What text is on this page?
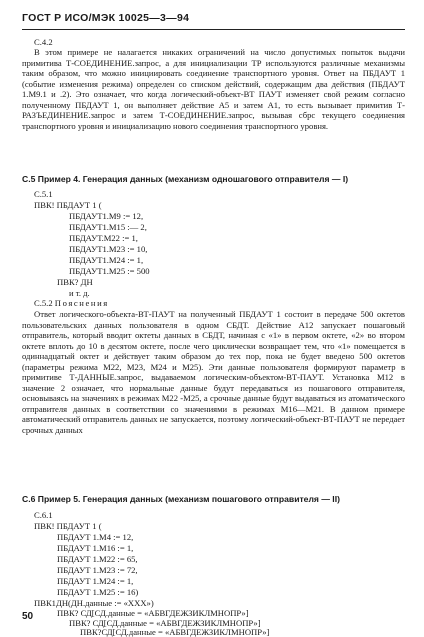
ГОСТ Р ИСО/МЭК 10025—3—94
C.4.2
В этом примере не налагается никаких ограничений на число допустимых попыток выдачи примитива Т-СОЕДИНЕНИЕ.запрос, а для инициализации ТР используются различные механизмы таким образом, что можно инициировать соединение транспортного уровня. Ответ на ПБДАУТ 1 (событие изменения режима) определен со списком действий, содержащим два действия (ПБДАУТ 1.М9.1 и .2). Это означает, что когда логический-объект-ВТ ПАУТ изменяет свой режим согласно полученному ПБДАУТ 1, он выполняет действие А5 и затем А1, то есть вызывает примитив Т-РАЗЪЕДИНЕНИЕ.запрос и затем Т-СОЕДИНЕНИЕ.запрос, вызывая сбрс текущего соединения транспортного уровня и инициализацию нового соединения транспортного уровня.
С.5 Пример 4. Генерация данных (механизм одношагового отправителя — I)
С.5.1
ПВК! ПБДАУТ 1 (
ПБДАУТ1.М9 := 12,
ПБДАУТ1.М15 :— 2,
ПБДАУТ.М22 := 1,
ПБДАУТ1.М23 := 10,
ПБДАУТ1.М24 := 1,
ПБДАУТ1.М25 := 500
ПВК? ДН
и т. д.
С.5.2 Пояснения
Ответ логического-объекта-ВТ-ПАУТ на полученный ПБДАУТ 1 состоит в передаче 500 октетов пользовательских данных пользователя в одном СБДТ. Действие А12 запускает пошаговый отправитель, который вводит октеты данных в СБДТ, начиная с «1» в первом октете, «2» во втором октете вплоть до 10 в десятом октете, после чего циклически возвращает тем, что «1» помещается в одиннадцатый октет и действует таким образом до тех пор, пока не будет введено 500 октетов (параметры режима М22, М23, М24 и М25). Эти данные пользователя формируют параметр в примитиве Т-ДАННЫЕ.запрос, выдаваемом логическим-объектом-ВТ-ПАУТ. Установка М12 в значение 2 означает, что нормальные данные будут передаваться из пошагового отправителя, основываясь на значениях в режимах М22 -М25, а срочные данные будут выдаваться из атоматического отправителя данных в соответствии со значениями в режимах М16—М21. В данном примере автоматический отправитель данных не запускается, поэтому логический-объект-ВТ-ПАУТ не передает срочных данных
С.6 Пример 5. Генерация данных (механизм пошагового отправителя — II)
С.6.1
ПВК! ПБДАУТ 1 (
ПБДАУТ 1.М4 := 12,
ПБДАУТ 1.М16 := 1,
ПБДАУТ 1.М22 := 65,
ПБДАУТ 1.М23 := 72,
ПБДАУТ 1.М24 := 1,
ПБДАУТ 1.М25 := 16)
ПВК1ДН(ДН.данные := «XXX»)
ПВК? СД[СД.данные = «АБВГДЕЖЗИКЛМНОПР»]
ПВК? СД[СД.данные = «АБВГДЕЖЗИКЛМНОПР»]
ПВК?СД[СД.данные = «АБВГДЕЖЗИКЛМНОПР»]
50
